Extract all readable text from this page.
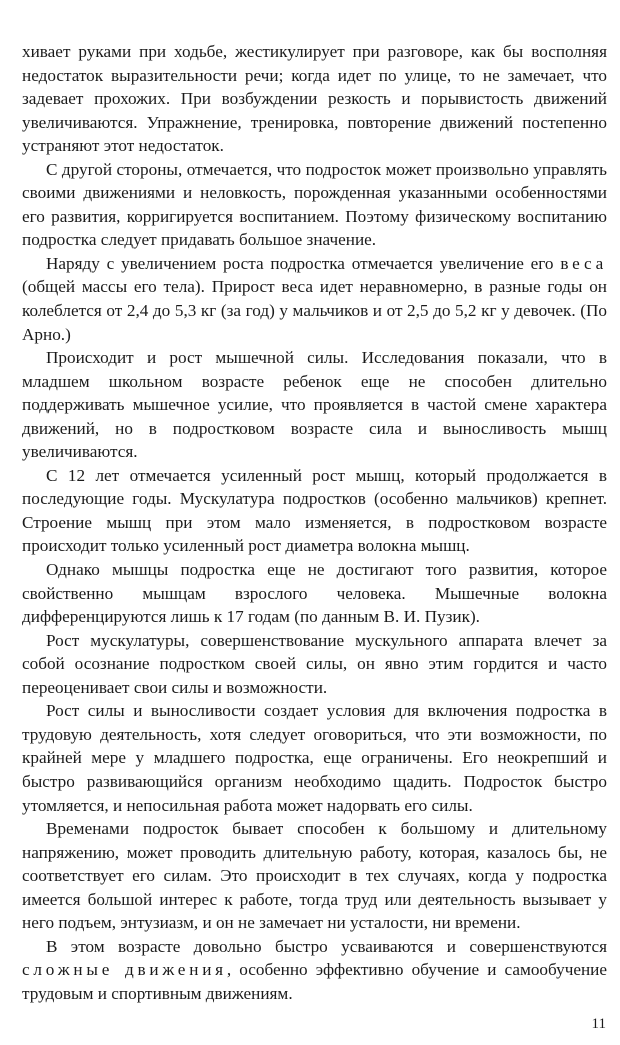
хивает руками при ходьбе, жестикулирует при разговоре, как бы восполняя недостаток выразительности речи; когда идет по улице, то не замечает, что задевает прохожих. При возбуждении резкость и порывистость движений увеличиваются. Упражнение, тренировка, повторение движений постепенно устраняют этот недостаток.

С другой стороны, отмечается, что подросток может произвольно управлять своими движениями и неловкость, порожденная указанными особенностями его развития, корригируется воспитанием. Поэтому физическому воспитанию подростка следует придавать большое значение.

Наряду с увеличением роста подростка отмечается увеличение его веса (общей массы его тела). Прирост веса идет неравномерно, в разные годы он колеблется от 2,4 до 5,3 кг (за год) у мальчиков и от 2,5 до 5,2 кг у девочек. (По Арно.)

Происходит и рост мышечной силы. Исследования показали, что в младшем школьном возрасте ребенок еще не способен длительно поддерживать мышечное усилие, что проявляется в частой смене характера движений, но в подростковом возрасте сила и выносливость мышц увеличиваются.

С 12 лет отмечается усиленный рост мышц, который продолжается в последующие годы. Мускулатура подростков (особенно мальчиков) крепнет. Строение мышц при этом мало изменяется, в подростковом возрасте происходит только усиленный рост диаметра волокна мышц.

Однако мышцы подростка еще не достигают того развития, которое свойственно мышцам взрослого человека. Мышечные волокна дифференцируются лишь к 17 годам (по данным В. И. Пузик).

Рост мускулатуры, совершенствование мускульного аппарата влечет за собой осознание подростком своей силы, он явно этим гордится и часто переоценивает свои силы и возможности.

Рост силы и выносливости создает условия для включения подростка в трудовую деятельность, хотя следует оговориться, что эти возможности, по крайней мере у младшего подростка, еще ограничены. Его неокрепший и быстро развивающийся организм необходимо щадить. Подросток быстро утомляется, и непосильная работа может надорвать его силы.

Временами подросток бывает способен к большому и длительному напряжению, может проводить длительную работу, которая, казалось бы, не соответствует его силам. Это происходит в тех случаях, когда у подростка имеется большой интерес к работе, тогда труд или деятельность вызывает у него подъем, энтузиазм, и он не замечает ни усталости, ни времени.

В этом возрасте довольно быстро усваиваются и совершенствуются сложные движения, особенно эффективно обучение и самообучение трудовым и спортивным движениям.

11
